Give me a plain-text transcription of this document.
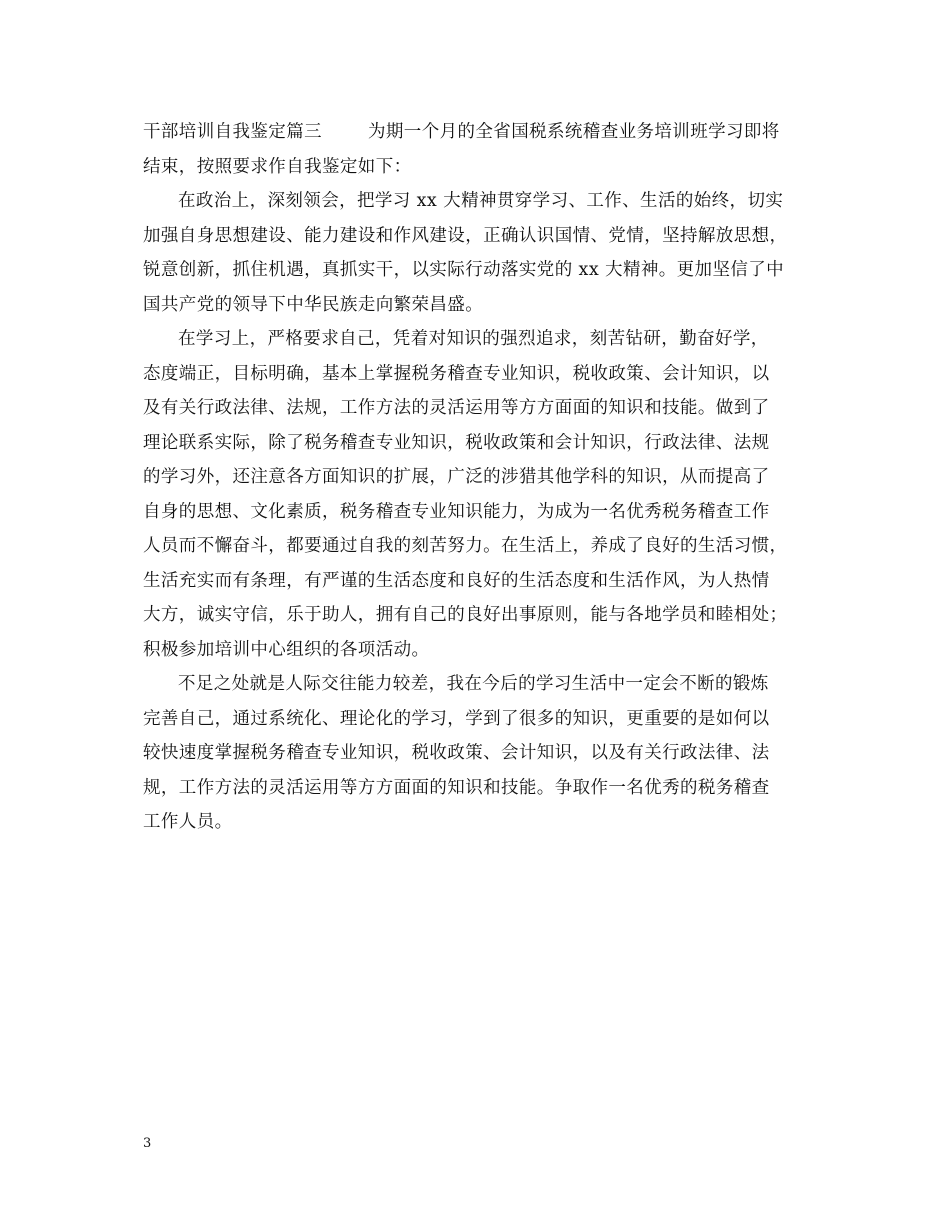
干部培训自我鉴定篇三	为期一个月的全省国税系统稽查业务培训班学习即将
结束，按照要求作自我鉴定如下：
在政治上，深刻领会，把学习 xx 大精神贯穿学习、工作、生活的始终，切实
加强自身思想建设、能力建设和作风建设，正确认识国情、党情，坚持解放思想，
锐意创新，抓住机遇，真抓实干，以实际行动落实党的 xx 大精神。更加坚信了中
国共产党的领导下中华民族走向繁荣昌盛。
在学习上，严格要求自己，凭着对知识的强烈追求，刻苦钻研，勤奋好学，
态度端正，目标明确，基本上掌握税务稽查专业知识，税收政策、会计知识，以
及有关行政法律、法规，工作方法的灵活运用等方方面面的知识和技能。做到了
理论联系实际，除了税务稽查专业知识，税收政策和会计知识，行政法律、法规
的学习外，还注意各方面知识的扩展，广泛的涉猎其他学科的知识，从而提高了
自身的思想、文化素质，税务稽查专业知识能力，为成为一名优秀税务稽查工作
人员而不懈奋斗，都要通过自我的刻苦努力。在生活上，养成了良好的生活习惯，
生活充实而有条理，有严谨的生活态度和良好的生活态度和生活作风，为人热情
大方，诚实守信，乐于助人，拥有自己的良好出事原则，能与各地学员和睦相处；
积极参加培训中心组织的各项活动。
不足之处就是人际交往能力较差，我在今后的学习生活中一定会不断的锻炼
完善自己，通过系统化、理论化的学习，学到了很多的知识，更重要的是如何以
较快速度掌握税务稽查专业知识，税收政策、会计知识，以及有关行政法律、法
规，工作方法的灵活运用等方方面面的知识和技能。争取作一名优秀的税务稽查
工作人员。
3
